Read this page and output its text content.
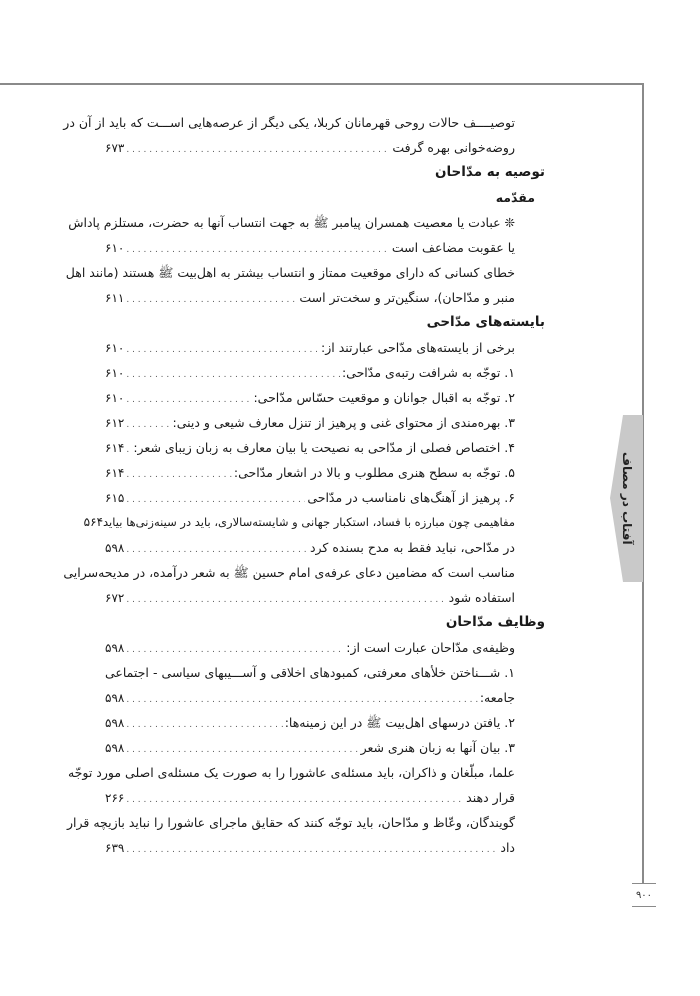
آفتاب در مصاف
۹۰۰
توصیــــف حالات روحی قهرمانان کربلا، یکی دیگر از عرصه‌هایی اســـت که باید از آن در
روضه‌خوانی بهره گرفت
. . .
۶۷۳
توصیه به مدّاحان
مقدّمه
❊ عبادت یا معصیت همسران پیامبر ﷺ به جهت انتساب آنها به حضرت، مستلزم پاداش
یا عقوبت مضاعف است
. . .
۶۱۰
خطای کسانی که دارای موقعیت ممتاز و انتساب بیشتر به اهل‌بیت ﷺ هستند (مانند اهل
منبر و مدّاحان)، سنگین‌تر و سخت‌تر است
. . .
۶۱۱
بایسته‌های مدّاحی
برخی از بایسته‌های مدّاحی عبارتند از:
. . .
۶۱۰
۱. توجّه به شرافت رتبه‌ی مدّاحی:
. . .
۶۱۰
۲. توجّه به اقبال جوانان و موقعیت حسّاس مدّاحی:
. . .
۶۱۰
۳. بهره‌مندی از محتوای غنی و پرهیز از تنزل معارف شیعی و دینی:
. . .
۶۱۲
۴. اختصاص فصلی از مدّاحی به نصیحت یا بیان معارف به زبان زیبای شعر:
. . .
۶۱۴
۵. توجّه به سطح هنری مطلوب و بالا در اشعار مدّاحی:
. . .
۶۱۴
۶. پرهیز از آهنگ‌های نامناسب در مدّاحی
. . .
۶۱۵
مفاهیمی چون مبارزه با فساد، استکبار جهانی و شایسته‌سالاری، باید در سینه‌زنی‌ها بیاید
۵۶۴
در مدّاحی، نباید فقط به مدح بسنده کرد
. . .
۵۹۸
مناسب است که مضامین دعای عرفه‌ی امام حسین ﷺ به شعر درآمده، در مدیحه‌سرایی
استفاده شود
. . .
۶۷۲
وظایف مدّاحان
وظیفه‌ی مدّاحان عبارت است از:
. . .
۵۹۸
۱. شـــناختن خلأهای معرفتی، کمبودهای اخلاقی و آســـیبهای سیاسی - اجتماعی
جامعه:
. . .
۵۹۸
۲. یافتن درسهای اهل‌بیت ﷺ در این زمینه‌ها:
. . .
۵۹۸
۳. بیان آنها به زبان هنری شعر
. . .
۵۹۸
علما، مبلّغان و ذاکران، باید مسئله‌ی عاشورا را به صورت یک مسئله‌ی اصلی مورد توجّه
قرار دهند
. . .
۲۶۶
گویندگان، وعّاظ و مدّاحان، باید توجّه کنند که حقایق ماجرای عاشورا را نباید بازیچه قرار
داد
. . .
۶۳۹
